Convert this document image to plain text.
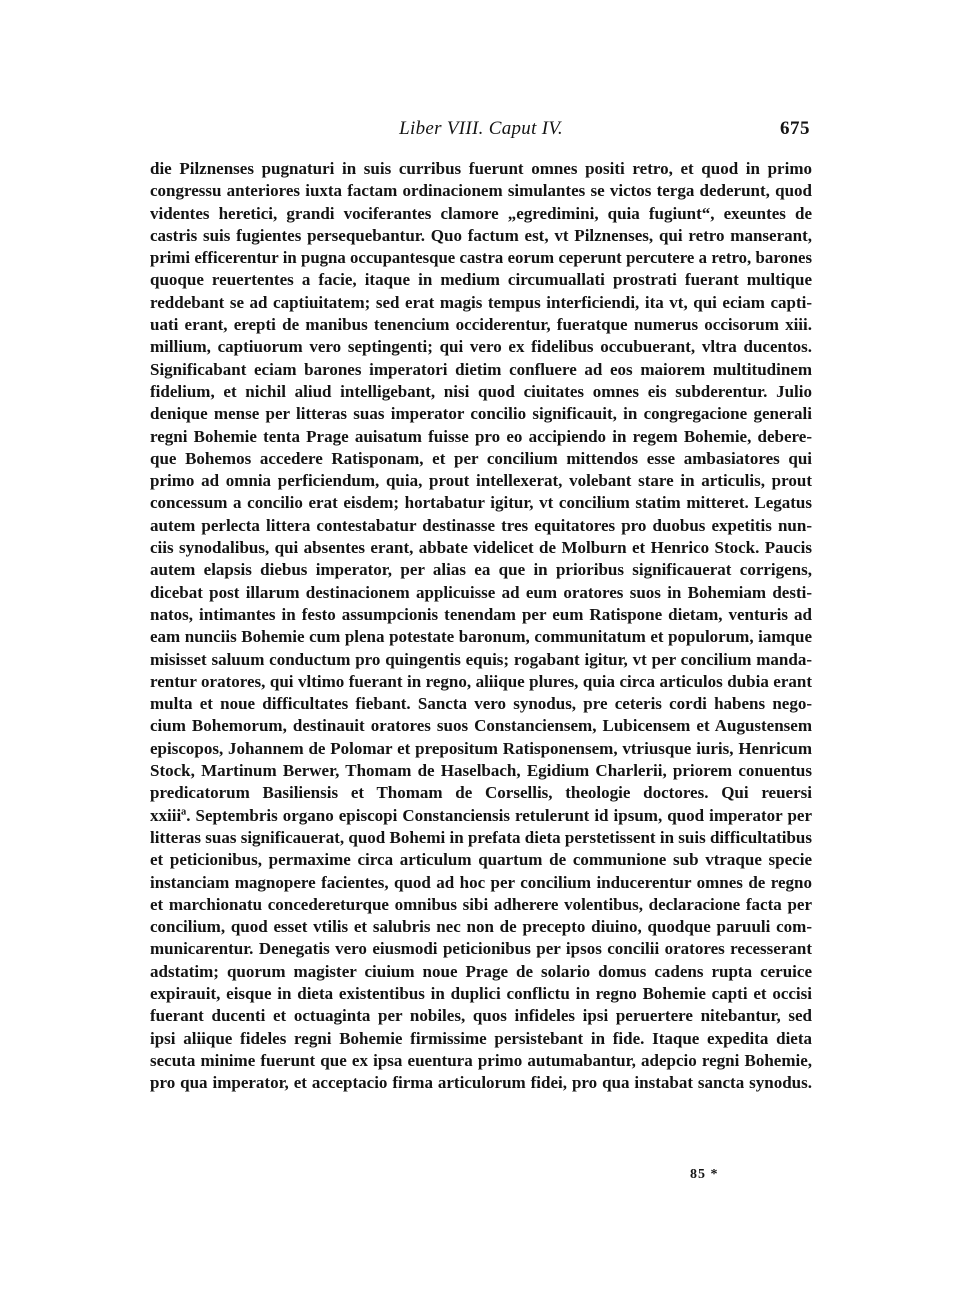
Liber VIII. Caput IV.	675
die Pilznenses pugnaturi in suis curribus fuerunt omnes positi retro, et quod in primo
congressu anteriores iuxta factam ordinacionem simulantes se victos terga dederunt, quod
videntes heretici, grandi vociferantes clamore „egredimini, quia fugiunt“, exeuntes de
castris suis fugientes persequebantur. Quo factum est, vt Pilznenses, qui retro manserant,
primi efficerentur in pugna occupantesque castra eorum ceperunt percutere a retro, barones
quoque reuertentes a facie, itaque in medium circumuallati prostrati fuerant multique
reddebant se ad captiuitatem; sed erat magis tempus interficiendi, ita vt, qui eciam capti-
uati erant, erepti de manibus tenencium occiderentur, fueratque numerus occisorum xiii.
millium, captiuorum vero septingenti; qui vero ex fidelibus occubuerant, vltra ducentos.
Significabant eciam barones imperatori dietim confluere ad eos maiorem multitudinem
fidelium, et nichil aliud intelligebant, nisi quod ciuitates omnes eis subderentur. Julio
denique mense per litteras suas imperator concilio significauit, in congregacione generali
regni Bohemie tenta Prage auisatum fuisse pro eo accipiendo in regem Bohemie, debere-
que Bohemos accedere Ratisponam, et per concilium mittendos esse ambasiatores qui
primo ad omnia perficiendum, quia, prout intellexerat, volebant stare in articulis, prout
concessum a concilio erat eisdem; hortabatur igitur, vt concilium statim mitteret. Legatus
autem perlecta littera contestabatur destinasse tres equitatores pro duobus expetitis nun-
ciis synodalibus, qui absentes erant, abbate videlicet de Molburn et Henrico Stock. Paucis
autem elapsis diebus imperator, per alias ea que in prioribus significauerat corrigens,
dicebat post illarum destinacionem applicuisse ad eum oratores suos in Bohemiam desti-
natos, intimantes in festo assumpcionis tenendam per eum Ratispone dietam, venturis ad
eam nunciis Bohemie cum plena potestate baronum, communitatum et populorum, iamque
misisset saluum conductum pro quingentis equis; rogabant igitur, vt per concilium manda-
rentur oratores, qui vltimo fuerant in regno, aliique plures, quia circa articulos dubia erant
multa et noue difficultates fiebant. Sancta vero synodus, pre ceteris cordi habens nego-
cium Bohemorum, destinauit oratores suos Constanciensem, Lubicensem et Augustensem
episcopos, Johannem de Polomar et prepositum Ratisponensem, vtriusque iuris, Henricum
Stock, Martinum Berwer, Thomam de Haselbach, Egidium Charlerii, priorem conuentus
predicatorum Basiliensis et Thomam de Corsellis, theologie doctores. Qui reuersi
xxiiiª. Septembris organo episcopi Constanciensis retulerunt id ipsum, quod imperator per
litteras suas significauerat, quod Bohemi in prefata dieta perstetissent in suis difficultatibus
et peticionibus, permaxime circa articulum quartum de communione sub vtraque specie
instanciam magnopere facientes, quod ad hoc per concilium inducerentur omnes de regno
et marchionatu concedereturque omnibus sibi adherere volentibus, declaracione facta per
concilium, quod esset vtilis et salubris nec non de precepto diuino, quodque paruuli com-
municarentur. Denegatis vero eiusmodi peticionibus per ipsos concilii oratores recesserant
adstatim; quorum magister ciuium noue Prage de solario domus cadens rupta ceruice
expirauit, eisque in dieta existentibus in duplici conflictu in regno Bohemie capti et occisi
fuerant ducenti et octuaginta per nobiles, quos infideles ipsi peruertere nitebantur, sed
ipsi aliique fideles regni Bohemie firmissime persistebant in fide. Itaque expedita dieta
secuta minime fuerunt que ex ipsa euentura primo autumabantur, adepcio regni Bohemie,
pro qua imperator, et acceptacio firma articulorum fidei, pro qua instabat sancta synodus.
85 *
